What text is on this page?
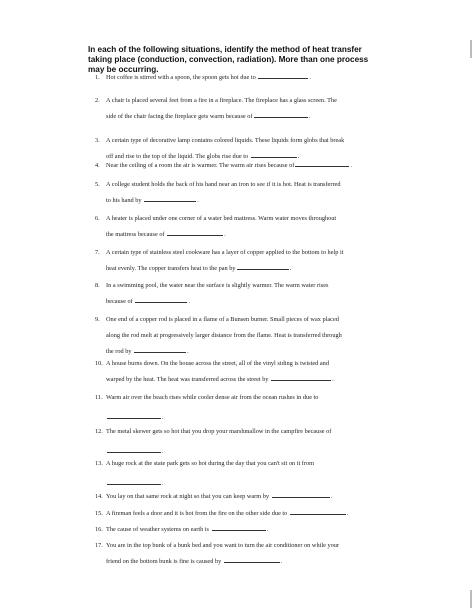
In each of the following situations, identify the method of heat transfer taking place (conduction, convection, radiation). More than one process may be occurring.
1. Hot coffee is stirred with a spoon, the spoon gets hot due to	.
2. A chair is placed several feet from a fire in a fireplace. The fireplace has a glass screen. The
side of the chair facing the fireplace gets warm because of	.
3. A certain type of decorative lamp contains colored liquids. These liquids form globs that break
off and rise to the top of the liquid. The globs rise due to	.
4. Near the ceiling of a room the air is warmer. The warm air rises because of	.
5. A college student holds the back of his hand near an iron to see if it is hot. Heat is transferred
to his hand by	.
6. A heater is placed under one corner of a water bed mattress. Warm water moves throughout
the mattress because of	.
7. A certain type of stainless steel cookware has a layer of copper applied to the bottom to help it
heat evenly. The copper transfers heat to the pan by	.
8. In a swimming pool, the water near the surface is slightly warmer. The warm water rises
because of	.
9. One end of a copper rod is placed in a flame of a Bunsen burner. Small pieces of wax placed
along the rod melt at progressively larger distance from the flame. Heat is transferred through
the rod by	.
10. A house burns down. On the house across the street, all of the vinyl siding is twisted and
warped by the heat. The heat was transferred across the street by	.
11. Warm air over the beach rises while cooler dense air from the ocean rushes in due to
.
12. The metal skewer gets so hot that you drop your marshmallow in the campfire because of
.
13. A huge rock at the state park gets so hot during the day that you can't sit on it from
.
14. You lay on that same rock at night so that you can keep warm by	.
15. A fireman feels a door and it is hot from the fire on the other side due to	.
16. The cause of weather systems on earth is	.
17. You are in the top bunk of a bunk bed and you want to turn the air conditioner on while your
friend on the bottom bunk is fine is caused by	.
